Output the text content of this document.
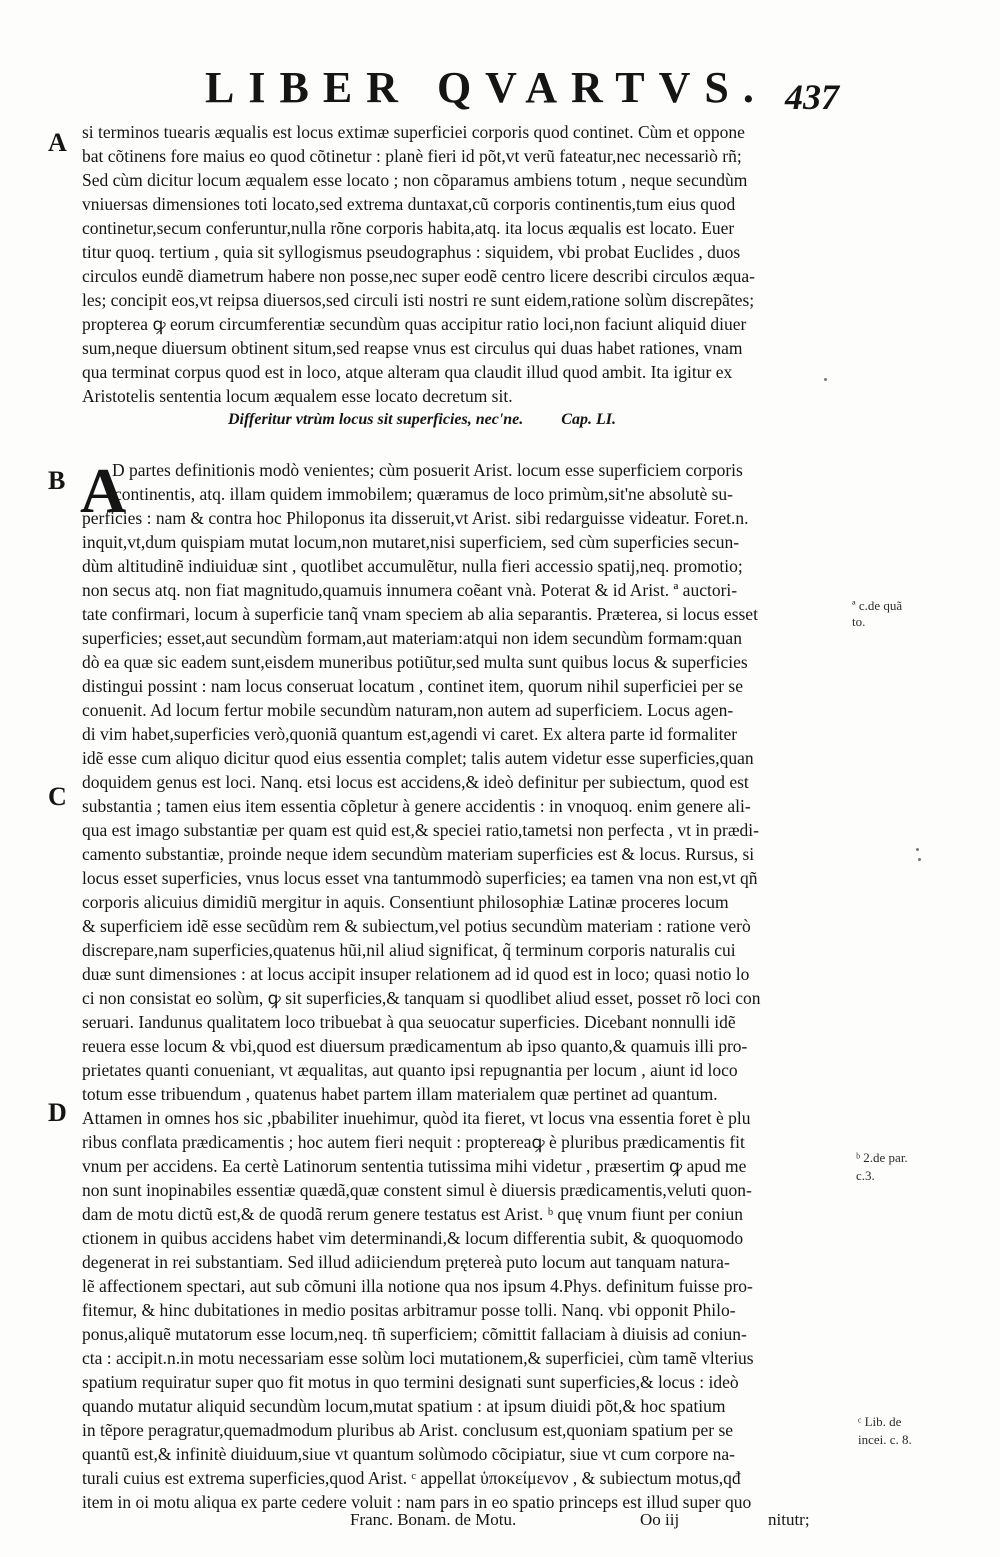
LIBER QVARTVS. 437
A si terminos tuearis æqualis est locus extimæ superficiei corporis quod continet. Cùm et oppone
bat cõtinens fore maius eo quod cõtinetur : planè fieri id põt,vt verũ fateatur,nec necessariò rñ;
Sed cùm dicitur locum æqualem esse locato ; non cõparamus ambiens totum , neque secundùm
vniuersas dimensiones toti locato,sed extrema duntaxat,cũ corporis continentis,tum eius quod
continetur,secum conferuntur,nulla rõne corporis habita,atq. ita locus æqualis est locato. Euer
titur quoq. tertium , quia sit syllogismus pseudographus : siquidem, vbi probat Euclides , duos
circulos eundẽ diametrum habere non posse,nec super eodẽ centro licere describi circulos æqua-
les; concipit eos,vt reipsa diuersos,sed circuli isti nostri re sunt eidem,ratione solùm discrepãtes;
propterea ꝙ eorum circumferentiæ secundùm quas accipitur ratio loci,non faciunt aliquid diuer
sum,neque diuersum obtinent situm,sed reapse vnus est circulus qui duas habet rationes, vnam
qua terminat corpus quod est in loco, atque alteram qua claudit illud quod ambit. Ita igitur ex
Aristotelis sententia locum æqualem esse locato decretum sit.
Differitur vtrùm locus sit superficies, nec'ne. Cap. LI.
B A
D partes definitionis modò venientes; cùm posuerit Arist. locum esse superficiem corporis
continentis, atq. illam quidem immobilem; quæramus de loco primùm,sit'ne absolutè su-
perficies : nam & contra hoc Philoponus ita disseruit,vt Arist. sibi redarguisse videatur. Foret.n.
inquit,vt,dum quispiam mutat locum,non mutaret,nisi superficiem, sed cùm superficies secun-
dùm altitudinẽ indiuiduæ sint , quotlibet accumulẽtur, nulla fieri accessio spatij,neq. promotio;
non secus atq. non fiat magnitudo,quamuis innumera coẽant vnà. Poterat & id Arist. ª auctori-
tate confirmari, locum à superficie tanq̃ vnam speciem ab alia separantis. Præterea, si locus esset
superficies; esset,aut secundùm formam,aut materiam:atqui non idem secundùm formam:quan
dò ea quæ sic eadem sunt,eisdem muneribus potiũtur,sed multa sunt quibus locus & superficies
distingui possint : nam locus conseruat locatum , continet item, quorum nihil superficiei per se
conuenit. Ad locum fertur mobile secundùm naturam,non autem ad superficiem. Locus agen-
di vim habet,superficies verò,quoniã quantum est,agendi vi caret. Ex altera parte id formaliter
idẽ esse cum aliquo dicitur quod eius essentia complet; talis autem videtur esse superficies,quan
doquidem genus est loci. Nanq. etsi locus est accidens,& ideò definitur per subiectum, quod est
substantia ; tamen eius item essentia cõpletur à genere accidentis : in vnoquoq. enim genere ali-
qua est imago substantiæ per quam est quid est,& speciei ratio,tametsi non perfecta , vt in prædi-
camento substantiæ, proinde neque idem secundùm materiam superficies est & locus. Rursus, si
locus esset superficies, vnus locus esset vna tantummodò superficies; ea tamen vna non est,vt qñ
corporis alicuius dimidiũ mergitur in aquis. Consentiunt philosophiæ Latinæ proceres locum
& superficiem idẽ esse secũdùm rem & subiectum,vel potius secundùm materiam : ratione verò
discrepare,nam superficies,quatenus hũi,nil aliud significat, q̃ terminum corporis naturalis cui
duæ sunt dimensiones : at locus accipit insuper relationem ad id quod est in loco; quasi notio lo
ci non consistat eo solùm, ꝙ sit superficies,& tanquam si quodlibet aliud esset, posset rõ loci con
seruari. Iandunus qualitatem loco tribuebat à qua seuocatur superficies. Dicebant nonnulli idẽ
reuera esse locum & vbi,quod est diuersum prædicamentum ab ipso quanto,& quamuis illi pro-
prietates quanti conueniant, vt æqualitas, aut quanto ipsi repugnantia per locum , aiunt id loco
totum esse tribuendum , quatenus habet partem illam materialem quæ pertinet ad quantum.
Attamen in omnes hos sic ,pbabiliter inuehimur, quòd ita fieret, vt locus vna essentia foret è plu
ribus conflata prædicamentis ; hoc autem fieri nequit : proptereaꝙ è pluribus prædicamentis fit
vnum per accidens. Ea certè Latinorum sententia tutissima mihi videtur , præsertim ꝙ apud me
non sunt inopinabiles essentiæ quædã,quæ constent simul è diuersis prædicamentis,veluti quon-
dam de motu dictũ est,& de quodã rerum genere testatus est Arist. ᵇ quę vnum fiunt per coniun
ctionem in quibus accidens habet vim determinandi,& locum differentia subit, & quoquomodo
degenerat in rei substantiam. Sed illud adiiciendum prętereà puto locum aut tanquam natura-
lẽ affectionem spectari, aut sub cõmuni illa notione qua nos ipsum 4.Phys. definitum fuisse pro-
fitemur, & hinc dubitationes in medio positas arbitramur posse tolli. Nanq. vbi opponit Philo-
ponus,aliquẽ mutatorum esse locum,neq. tñ superficiem; cõmittit fallaciam à diuisis ad coniun-
cta : accipit.n.in motu necessariam esse solùm loci mutationem,& superficiei, cùm tamẽ vlterius
spatium requiratur super quo fit motus in quo termini designati sunt superficies,& locus : ideò
quando mutatur aliquid secundùm locum,mutat spatium : at ipsum diuidi põt,& hoc spatium
in tẽpore peragratur,quemadmodum pluribus ab Arist. conclusum est,quoniam spatium per se
quantũ est,& infinitè diuiduum,siue vt quantum solùmodo cõcipiatur, siue vt cum corpore na-
turali cuius est extrema superficies,quod Arist. ᶜ appellat ὑποκείμενον , & subiectum motus,qđ
item in oi motu aliqua ex parte cedere voluit : nam pars in eo spatio princeps est illud super quo
C
D
ª c.de quã
to.
ᵇ 2.de par.
c.3.
ᶜ Lib. de
incei. c. 8.
Franc. Bonam. de Motu.	Oo iij	nitutr;
